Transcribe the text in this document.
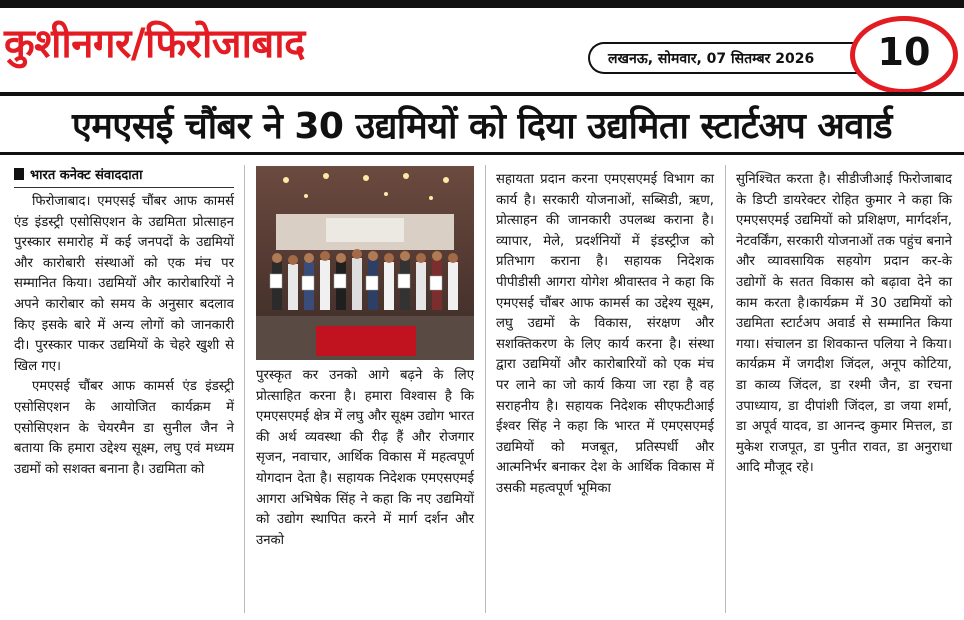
कुशीनगर/फिरोजाबाद	लखनऊ, सोमवार, 07 सितम्बर 2026	10
एमएसई चौंबर ने 30 उद्यमियों को दिया उद्यमिता स्टार्टअप अवार्ड
भारत कनेक्ट संवाददाता

फिरोजाबाद। एमएसई चौंबर आफ कामर्स एंड इंडस्ट्री एसोसिएशन के उद्यमिता प्रोत्साहन पुरस्कार समारोह में कई जनपदों के उद्यमियों और कारोबारी संस्थाओं को एक मंच पर सम्मानित किया। उद्यमियों और कारोबारियों ने अपने कारोबार को समय के अनुसार बदलाव किए इसके बारे में अन्य लोगों को जानकारी दी। पुरस्कार पाकर उद्यमियों के चेहरे खुशी से खिल गए।

एमएसई चौंबर आफ कामर्स एंड इंडस्ट्री एसोसिएशन के आयोजित कार्यक्रम में एसोसिएशन के चेयरमैन डा सुनील जैन ने बताया कि हमारा उद्देश्य सूक्ष्म, लघु एवं मध्यम उद्यमों को सशक्त बनाना है। उद्यमिता को

पुरस्कृत कर उनको आगे बढ़ने के लिए प्रोत्साहित करना है। हमारा विश्वास है कि एमएसएमई क्षेत्र में लघु और सूक्ष्म उद्योग भारत की अर्थ व्यवस्था की रीढ़ हैं और रोजगार सृजन, नवाचार, आर्थिक विकास में महत्वपूर्ण योगदान देता है। सहायक निदेशक एमएसएमई आगरा अभिषेक सिंह ने कहा कि नए उद्यमियों को उद्योग स्थापित करने में मार्ग दर्शन और उनको

सहायता प्रदान करना एमएसएमई विभाग का कार्य है। सरकारी योजनाओं, सब्सिडी, ऋण, प्रोत्साहन की जानकारी उपलब्ध कराना है। व्यापार, मेले, प्रदर्शनियों में इंडस्ट्रीज को प्रतिभाग कराना है। सहायक निदेशक पीपीडीसी आगरा योगेश श्रीवास्तव ने कहा कि एमएसई चौंबर आफ कामर्स का उद्देश्य सूक्ष्म, लघु उद्यमों के विकास, संरक्षण और सशक्तिकरण के लिए कार्य करना है। संस्था द्वारा उद्यमियों और कारोबारियों को एक मंच पर लाने का जो कार्य किया जा रहा है वह सराहनीय है। सहायक निदेशक सीएफटीआई ईश्वर सिंह ने कहा कि भारत में एमएसएमई उद्यमियों को मजबूत, प्रतिस्पर्धी और आत्मनिर्भर बनाकर देश के आर्थिक विकास में उसकी महत्वपूर्ण भूमिका

सुनिश्चित करता है। सीडीजीआई फिरोजाबाद के डिप्टी डायरेक्टर रोहित कुमार ने कहा कि एमएसएमई उद्यमियों को प्रशिक्षण, मार्गदर्शन, नेटवर्किंग, सरकारी योजनाओं तक पहुंच बनाने और व्यावसायिक सहयोग प्रदान कर-के उद्योगों के सतत विकास को बढ़ावा देने का काम करता है।कार्यक्रम में 30 उद्यमियों को उद्यमिता स्टार्टअप अवार्ड से सम्मानित किया गया। संचालन डा शिवकान्त पलिया ने किया। कार्यक्रम में जगदीश जिंदल, अनूप कोटिया, डा काव्य जिंदल, डा रश्मी जैन, डा रचना उपाध्याय, डा दीपांशी जिंदल, डा जया शर्मा, डा अपूर्व यादव, डा आनन्द कुमार मित्तल, डा मुकेश राजपूत, डा पुनीत रावत, डा अनुराधा आदि मौजूद रहे।
